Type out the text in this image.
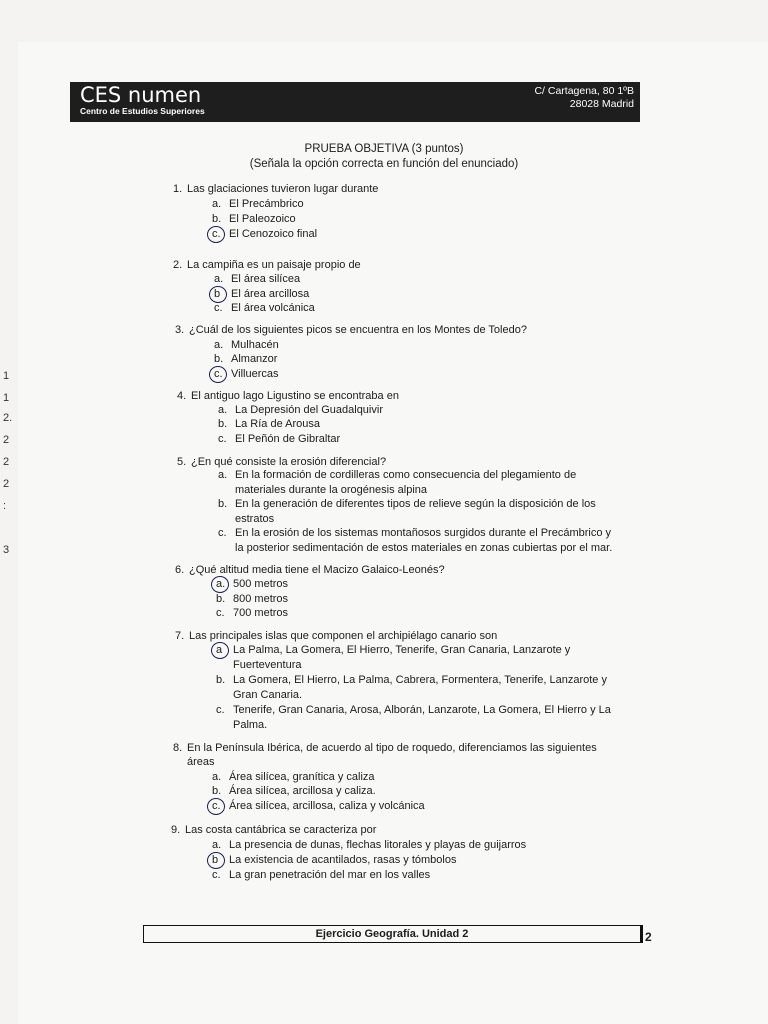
1
1
2.
2
2
2
:
3
CES numen
Centro de Estudios Superiores
C/ Cartagena, 80 1ºB
28028 Madrid
PRUEBA OBJETIVA (3 puntos)
(Señala la opción correcta en función del enunciado)
1. Las glaciaciones tuvieron lugar durante
a. El Precámbrico
b. El Paleozoico
c. El Cenozoico final
2. La campiña es un paisaje propio de
a. El área silícea
b El área arcillosa
c. El área volcánica
3. ¿Cuál de los siguientes picos se encuentra en los Montes de Toledo?
a. Mulhacén
b. Almanzor
c. Villuercas
4. El antiguo lago Ligustino se encontraba en
a. La Depresión del Guadalquivir
b. La Ría de Arousa
c. El Peñón de Gibraltar
5. ¿En qué consiste la erosión diferencial?
a. En la formación de cordilleras como consecuencia del plegamiento de
materiales durante la orogénesis alpina
b. En la generación de diferentes tipos de relieve según la disposición de los
estratos
c. En la erosión de los sistemas montañosos surgidos durante el Precámbrico y
la posterior sedimentación de estos materiales en zonas cubiertas por el mar.
6. ¿Qué altitud media tiene el Macizo Galaico-Leonés?
a. 500 metros
b. 800 metros
c. 700 metros
7. Las principales islas que componen el archipiélago canario son
a La Palma, La Gomera, El Hierro, Tenerife, Gran Canaria, Lanzarote y
Fuerteventura
b. La Gomera, El Hierro, La Palma, Cabrera, Formentera, Tenerife, Lanzarote y
Gran Canaria.
c. Tenerife, Gran Canaria, Arosa, Alborán, Lanzarote, La Gomera, El Hierro y La
Palma.
8. En la Península Ibérica, de acuerdo al tipo de roquedo, diferenciamos las siguientes
áreas
a. Área silícea, granítica y caliza
b. Área silícea, arcillosa y caliza.
c. Área silícea, arcillosa, caliza y volcánica
9. Las costa cantábrica se caracteriza por
a. La presencia de dunas, flechas litorales y playas de guijarros
b La existencia de acantilados, rasas y tómbolos
c. La gran penetración del mar en los valles
Ejercicio Geografía. Unidad 2	2
